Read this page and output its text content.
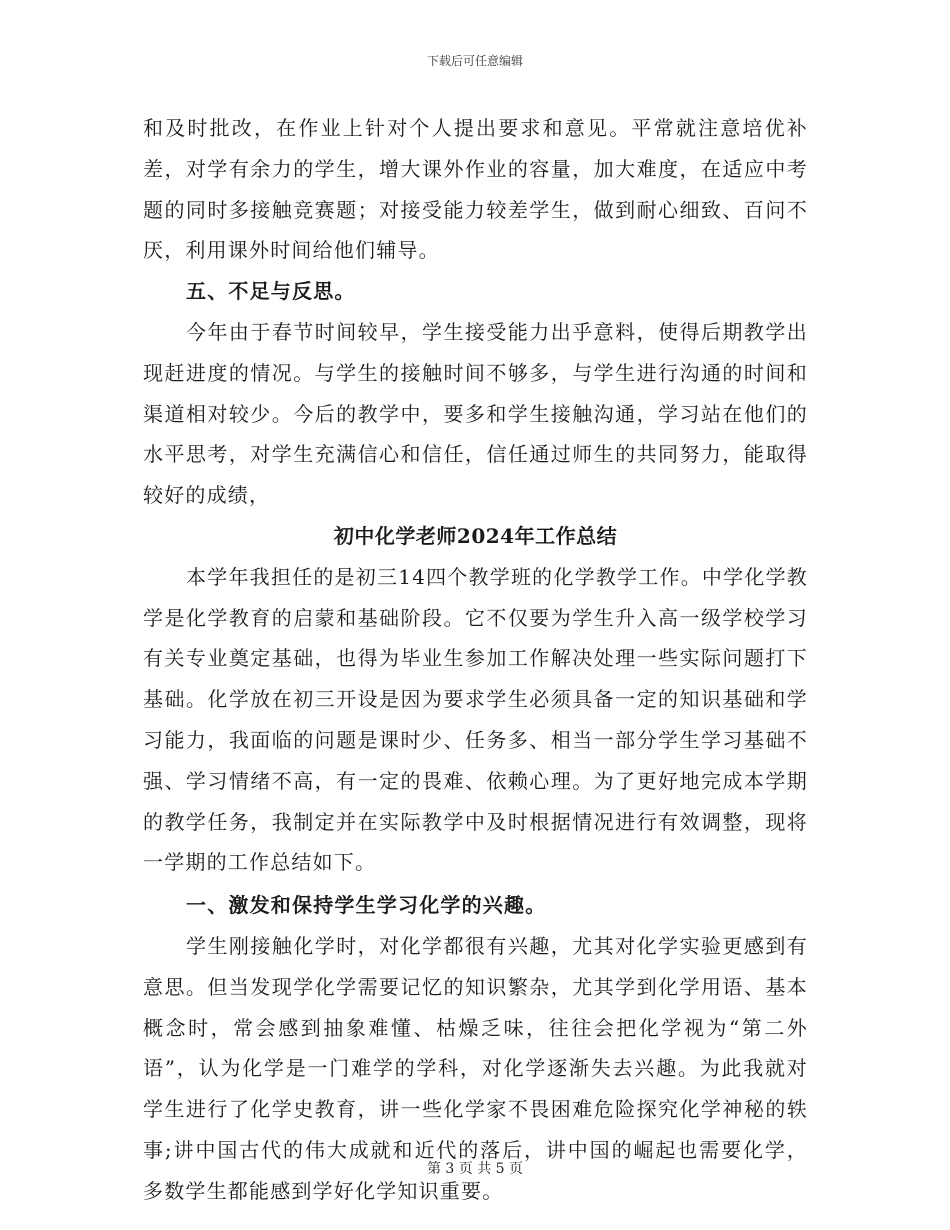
下载后可任意编辑

和及时批改，在作业上针对个人提出要求和意见。平常就注意培优补差，对学有余力的学生，增大课外作业的容量，加大难度，在适应中考题的同时多接触竞赛题；对接受能力较差学生，做到耐心细致、百问不厌，利用课外时间给他们辅导。

五、不足与反思。

今年由于春节时间较早，学生接受能力出乎意料，使得后期教学出现赶进度的情况。与学生的接触时间不够多，与学生进行沟通的时间和渠道相对较少。今后的教学中，要多和学生接触沟通，学习站在他们的水平思考，对学生充满信心和信任，信任通过师生的共同努力，能取得较好的成绩，

初中化学老师2024年工作总结

本学年我担任的是初三14四个教学班的化学教学工作。中学化学教学是化学教育的启蒙和基础阶段。它不仅要为学生升入高一级学校学习有关专业奠定基础，也得为毕业生参加工作解决处理一些实际问题打下基础。化学放在初三开设是因为要求学生必须具备一定的知识基础和学习能力，我面临的问题是课时少、任务多、相当一部分学生学习基础不强、学习情绪不高，有一定的畏难、依赖心理。为了更好地完成本学期的教学任务，我制定并在实际教学中及时根据情况进行有效调整，现将一学期的工作总结如下。

一、激发和保持学生学习化学的兴趣。

学生刚接触化学时，对化学都很有兴趣，尤其对化学实验更感到有意思。但当发现学化学需要记忆的知识繁杂，尤其学到化学用语、基本概念时，常会感到抽象难懂、枯燥乏味，往往会把化学视为“第二外语”，认为化学是一门难学的学科，对化学逐渐失去兴趣。为此我就对学生进行了化学史教育，讲一些化学家不畏困难危险探究化学神秘的轶事;讲中国古代的伟大成就和近代的落后，讲中国的崛起也需要化学，多数学生都能感到学好化学知识重要。

第 3 页 共 5 页
